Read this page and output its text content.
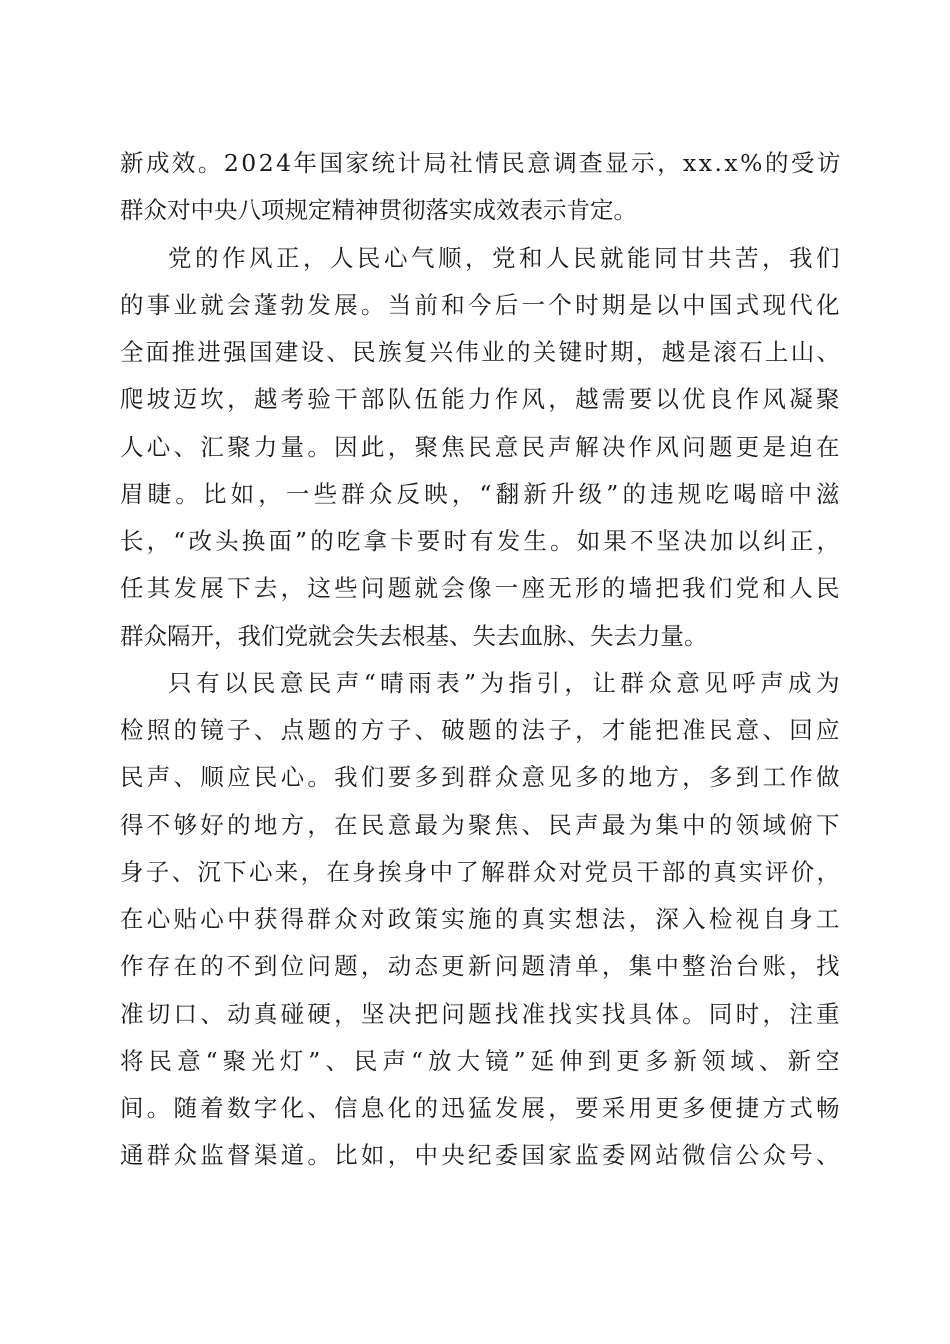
新成效。2024年国家统计局社情民意调查显示，xx.x%的受访
群众对中央八项规定精神贯彻落实成效表示肯定。
党的作风正，人民心气顺，党和人民就能同甘共苦，我们
的事业就会蓬勃发展。当前和今后一个时期是以中国式现代化
全面推进强国建设、民族复兴伟业的关键时期，越是滚石上山、
爬坡迈坎，越考验干部队伍能力作风，越需要以优良作风凝聚
人心、汇聚力量。因此，聚焦民意民声解决作风问题更是迫在
眉睫。比如，一些群众反映，“翻新升级”的违规吃喝暗中滋
长，“改头换面”的吃拿卡要时有发生。如果不坚决加以纠正，
任其发展下去，这些问题就会像一座无形的墙把我们党和人民
群众隔开，我们党就会失去根基、失去血脉、失去力量。
只有以民意民声“晴雨表”为指引，让群众意见呼声成为
检照的镜子、点题的方子、破题的法子，才能把准民意、回应
民声、顺应民心。我们要多到群众意见多的地方，多到工作做
得不够好的地方，在民意最为聚焦、民声最为集中的领域俯下
身子、沉下心来，在身挨身中了解群众对党员干部的真实评价，
在心贴心中获得群众对政策实施的真实想法，深入检视自身工
作存在的不到位问题，动态更新问题清单，集中整治台账，找
准切口、动真碰硬，坚决把问题找准找实找具体。同时，注重
将民意“聚光灯”、民声“放大镜”延伸到更多新领域、新空
间。随着数字化、信息化的迅猛发展，要采用更多便捷方式畅
通群众监督渠道。比如，中央纪委国家监委网站微信公众号、
